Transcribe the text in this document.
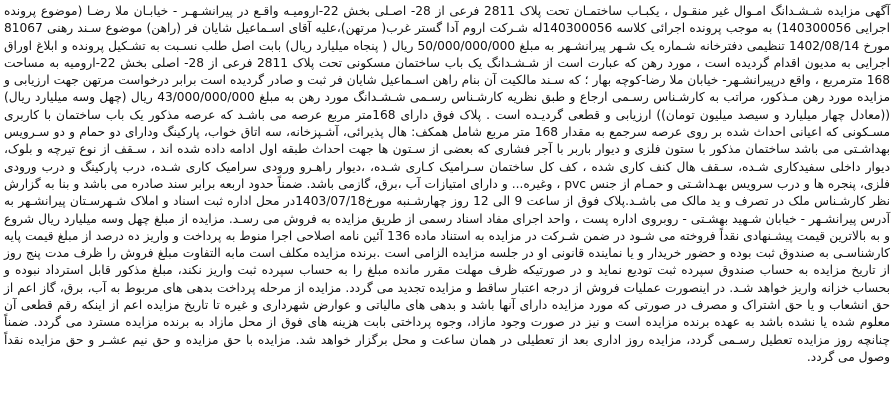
آگهی مزایده شـشـدانگ امـوال غیر منقـول ، یکبـاب ساختمـان تحت پلاک 2811 فرعی از 28- اصـلی بخش 22-ارومیـه واقـع در پیرانشـهـر - خیابـان ملا رضـا (موضوع پرونده اجرایی 140300056) به موجب پرونده اجرائی کلاسه 140300056له شـرکت اروم آدا گستر غرب( مرتهن)،علیه آقای اسـماعیل شایان فر (راهن) موضوع سـند رهنی 81067 مورخ 1402/08/14 تنظیمی دفترخانه شـماره یک شـهر پیرانشـهر به مبلغ 50/000/000/000 ریال ( پنجاه میلیارد ریال) بابت اصل طلب نسـبت به تشـکیل پرونده و ابلاغ اوراق اجرایی به مدیون اقدام گردیده است ، مورد رهن که عبارت است از شـشـدانگ یک باب ساختمان مسکونی تحت پلاک 2811 فرعی از 28- اصلی بخش 22-ارومیه به مساحت 168 مترمربع ، واقع درپیرانشـهر- خیابان ملا رضا-کوچه بهار ؛ که سـند مالکیت آن بنام راهن اسـماعیل شایان فر ثبت و صادر گردیده است برابر درخواست مرتهن جهت ارزیابی و مزایده مورد رهن مـذکور، مراتب به کارشـناس رسـمی ارجاع و طبق نظریه کارشـناس رسـمی شـشـدانگ مورد رهن به مبلغ 43/000/000/000 ریال (چهل وسه میلیارد ریال)((معادل چهار میلیارد و سیصد میلیون تومان)) ارزیابی و قطعی گردیـده است . پلاک فوق دارای 168متر مربع عرصه می باشـد که عرصه مذکور یک باب ساختمان با کاربری مسـکونی که اعیانی احداث شده بر روی عرصه سرجمع به مقدار 168 متر مربع شامل همکف: هال پذیرائی، آشـپزخانه، سه اتاق خواب، پارکینگ ودارای دو حمام و دو سـرویس بهداشـتی می باشد ساختمان مذکور با ستون فلزی و دیوار باربر با آجر فشاری که بعضی از سـتون ها جهت احداث طبقه اول ادامه داده شده اند ، سـقف از نوع تیرچه و بلوک، دیوار داخلی سفیدکاری شـده، سـقف هال کنف کاری شده ، کف کل ساختمان سـرامیک کـاری شـده، ،دیوار راهـرو ورودی سرامیک کاری شـده، درب پارکینگ و درب ورودی فلزی، پنجره ها و درب سرویس بهـداشـتی و حمـام از جنس pvc ، وغیره... و دارای امتیازات آب ،برق، گازمی باشد. ضمناً حدود اربعه برابر سند صادره می باشد و بنا به گزارش نظر کارشـناس ملک در تصرف و ید مالک می باشـد.پلاک فوق از ساعت 9 الی 12 روز چهارشـنبه مورخ1403/07/18در محل اداره ثبت اسناد و املاک شـهرسـتان پیرانشـهر به آدرس پیرانشـهر - خیابان شـهید بهشـتی - روبروی اداره پست ، واحد اجرای مفاد اسناد رسمی از طریق مزایده به فروش می رسـد. مزایده از مبلغ چهل وسه میلیارد ریال شروع و به بالاترین قیمت پیشـنهادی نقداً فروخته می شـود در ضمن شـرکت در مزایده به استناد ماده 136 آئین نامه اصلاحی اجرا منوط به پرداخت و واریز ده درصد از مبلغ قیمت پایه کارشناسـی به صندوق ثبت بوده و حضور خریدار و یا نماینده قانونی او در جلسه مزایده الزامی است .برنده مزایده مکلف است مابه التفاوت مبلغ فروش را ظرف مدت پنج روز از تاریخ مزایده به حساب صندوق سپرده ثبت تودیع نماید و در صورتیکه ظرف مهلت مقرر مانده مبلغ را به حساب سپرده ثبت واریز نکند، مبلغ مذکور قابل استرداد نبوده و بحساب خزانه واریز خواهد شـد. در اینصورت عملیات فروش از درجه اعتبار ساقط و مزایده تجدید می گردد. مزایده از مرحله پرداخت بدهی های مربوط به آب، برق، گاز اعم از حق انشعاب و یا حق اشتراک و مصرف در صورتی که مورد مزایده دارای آنها باشد و بدهی های مالیاتی و عوارض شهرداری و غیره تا تاریخ مزایده اعم از اینکه رقم قطعی آن معلوم شده یا نشده باشد به عهده برنده مزایده است و نیز در صورت وجود مازاد، وجوه پرداختی بابت هزینه های فوق از محل مازاد به برنده مزایده مسترد می گردد. ضمناً چنانچه روز مزایده تعطیل رسـمی گردد، مزایده روز اداری بعد از تعطیلی در همان ساعت و محل برگزار خواهد شد. مزایده با حق مزایده و حق نیم عشـر و حق مزایده نقداً وصول می گردد.
